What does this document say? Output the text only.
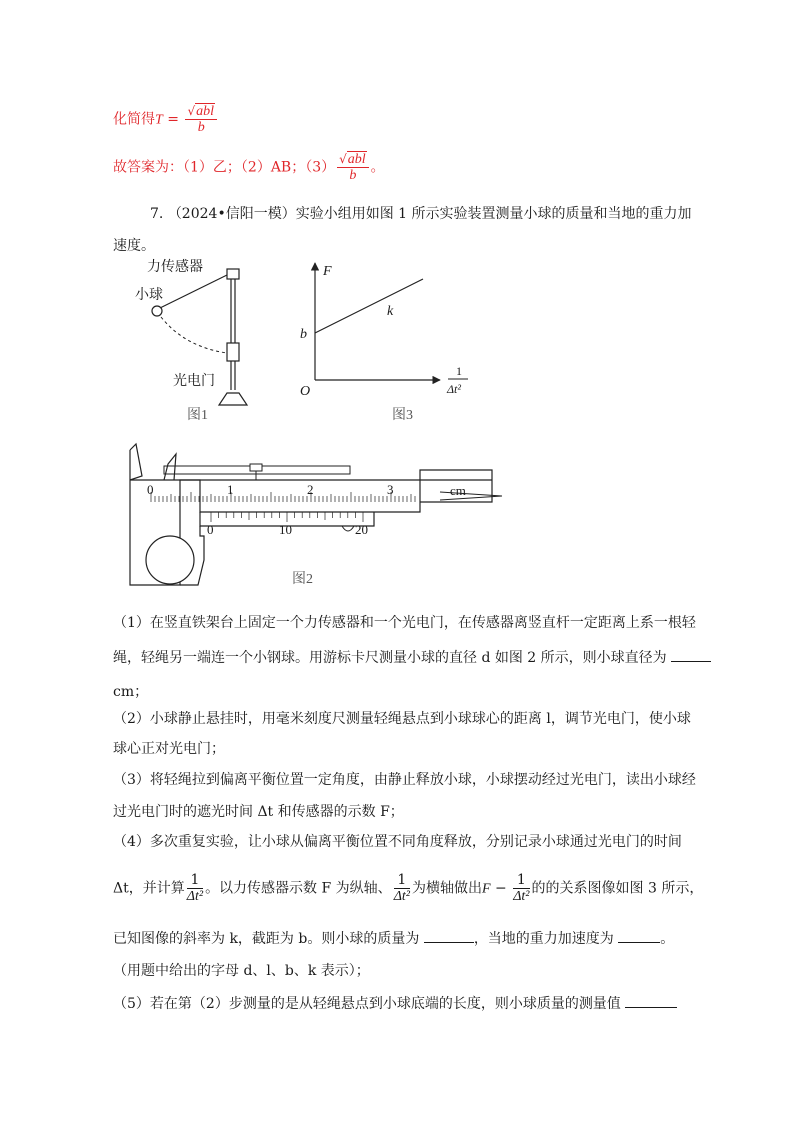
化简得$T = \frac{\text{√abl}}{b}$
故答案为：（1）乙；（2）AB；$(3) \frac{\text{√abl}}{b}$ 。
7. （2024•信阳一模）实验小组用如图 1 所示实验装置测量小球的质量和当地的重力加
速度。
力传感器
小球
光电门
图1
F
k
b
O
1
Δt²
图3
0	1	2	3	cm
0	10	20
图2
（1）在竖直铁架台上固定一个力传感器和一个光电门，在传感器离竖直杆一定距离上系一根轻
绳，轻绳另一端连一个小钢球。用游标卡尺测量小球的直径 d 如图 2 所示，则小球直径为
cm；
（2）小球静止悬挂时，用毫米刻度尺测量轻绳悬点到小球球心的距离 l，调节光电门，使小球
球心正对光电门；
（3）将轻绳拉到偏离平衡位置一定角度，由静止释放小球，小球摆动经过光电门，读出小球经
过光电门时的遮光时间 Δt 和传感器的示数 F；
（4）多次重复实验，让小球从偏离平衡位置不同角度释放，分别记录小球通过光电门的时间
Δt，并计算 $\frac{1}{\text{Δt²}}$ 。以力传感器示数 F 为纵轴、 $\frac{1}{\text{Δt²}}$ 为横轴做出$F - \frac{1}{\text{Δt²}}$ 的的关系图像如图 3 所示，
已知图像的斜率为 k，截距为 b。则小球的质量为	，当地的重力加速度为	。
（用题中给出的字母 d、l、b、k 表示）；
（5）若在第（2）步测量的是从轻绳悬点到小球底端的长度，则小球质量的测量值
